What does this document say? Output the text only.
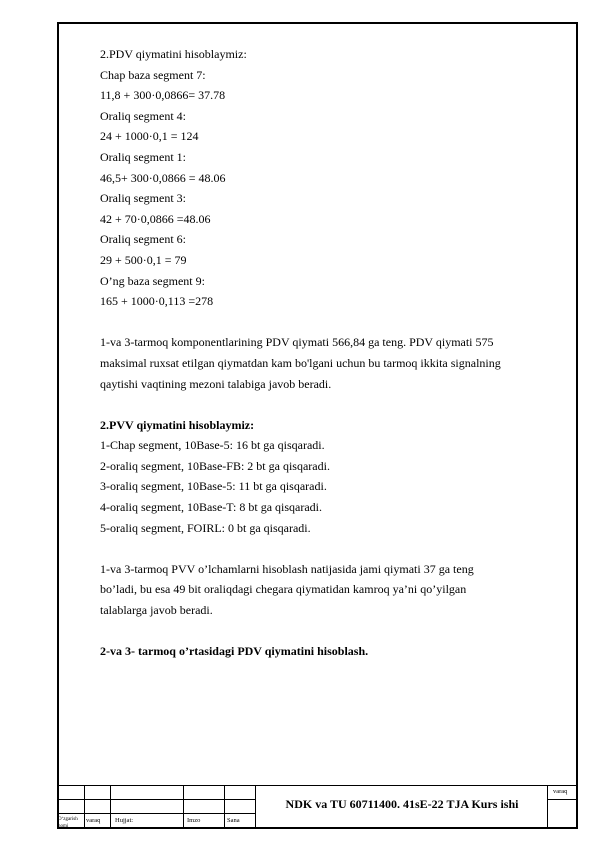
2.PDV qiymatini hisoblaymiz:
Chap baza segment 7:
11,8 + 300·0,0866= 37.78
Oraliq segment 4:
24 + 1000·0,1 = 124
Oraliq segment 1:
46,5+ 300·0,0866 = 48.06
Oraliq segment 3:
42 + 70·0,0866 =48.06
Oraliq segment 6:
29 + 500·0,1 = 79
O’ng baza segment 9:
165 + 1000·0,113 =278
1-va 3-tarmoq komponentlarining PDV qiymati 566,84 ga teng. PDV qiymati 575
maksimal ruxsat etilgan qiymatdan kam bo'lgani uchun bu tarmoq ikkita signalning
qaytishi vaqtining mezoni talabiga javob beradi.
2.PVV qiymatini hisoblaymiz:
1-Chap segment, 10Base-5: 16 bt ga qisqaradi.
2-oraliq segment, 10Base-FB: 2 bt ga qisqaradi.
3-oraliq segment, 10Base-5: 11 bt ga qisqaradi.
4-oraliq segment, 10Base-T: 8 bt ga qisqaradi.
5-oraliq segment, FOIRL: 0 bt ga qisqaradi.
1-va 3-tarmoq PVV o’lchamlarni hisoblash natijasida jami qiymati 37 ga teng
bo’ladi, bu esa 49 bit oraliqdagi chegara qiymatidan kamroq ya’ni qo’yilgan
talablarga javob beradi.
2-va 3- tarmoq o’rtasidagi PDV qiymatini hisoblash.
NDK va TU 60711400. 41sE-22 TJA Kurs ishi
varaq
O‘zgarish varaq Hujjat:	Imzo	Sana
nomi
